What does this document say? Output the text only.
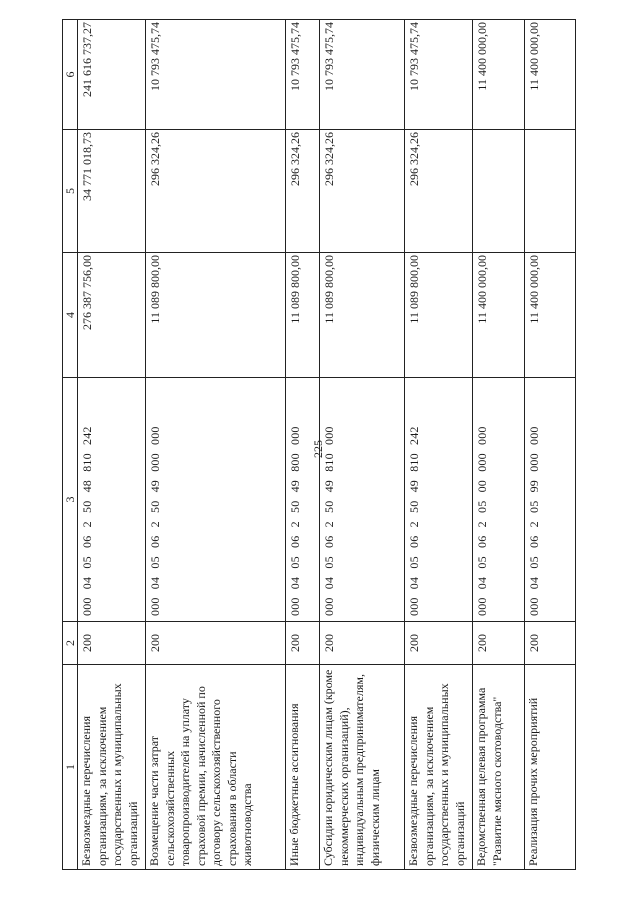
225
1	2	3	4	5	6
Безвозмездные перечисления организациям, за исключением государственных и муниципальных организаций	200	000 04 05 06 2 50 48 810 242	276 387 756,00	34 771 018,73	241 616 737,27
Возмещение части затрат сельскохозяйственных товаропроизводителей на уплату страховой премии, начисленной по договору сельскохозяйственного страхования в области животноводства	200	000 04 05 06 2 50 49 000 000	11 089 800,00	296 324,26	10 793 475,74
Иные бюджетные ассигнования	200	000 04 05 06 2 50 49 800 000	11 089 800,00	296 324,26	10 793 475,74
Субсидии юридическим лицам (кроме некоммерческих организаций), индивидуальным предпринимателям, физическим лицам	200	000 04 05 06 2 50 49 810 000	11 089 800,00	296 324,26	10 793 475,74
Безвозмездные перечисления организациям, за исключением государственных и муниципальных организаций	200	000 04 05 06 2 50 49 810 242	11 089 800,00	296 324,26	10 793 475,74
Ведомственная целевая программа "Развитие мясного скотоводства"	200	000 04 05 06 2 05 00 000 000	11 400 000,00		11 400 000,00
Реализация прочих мероприятий	200	000 04 05 06 2 05 99 000 000	11 400 000,00		11 400 000,00
